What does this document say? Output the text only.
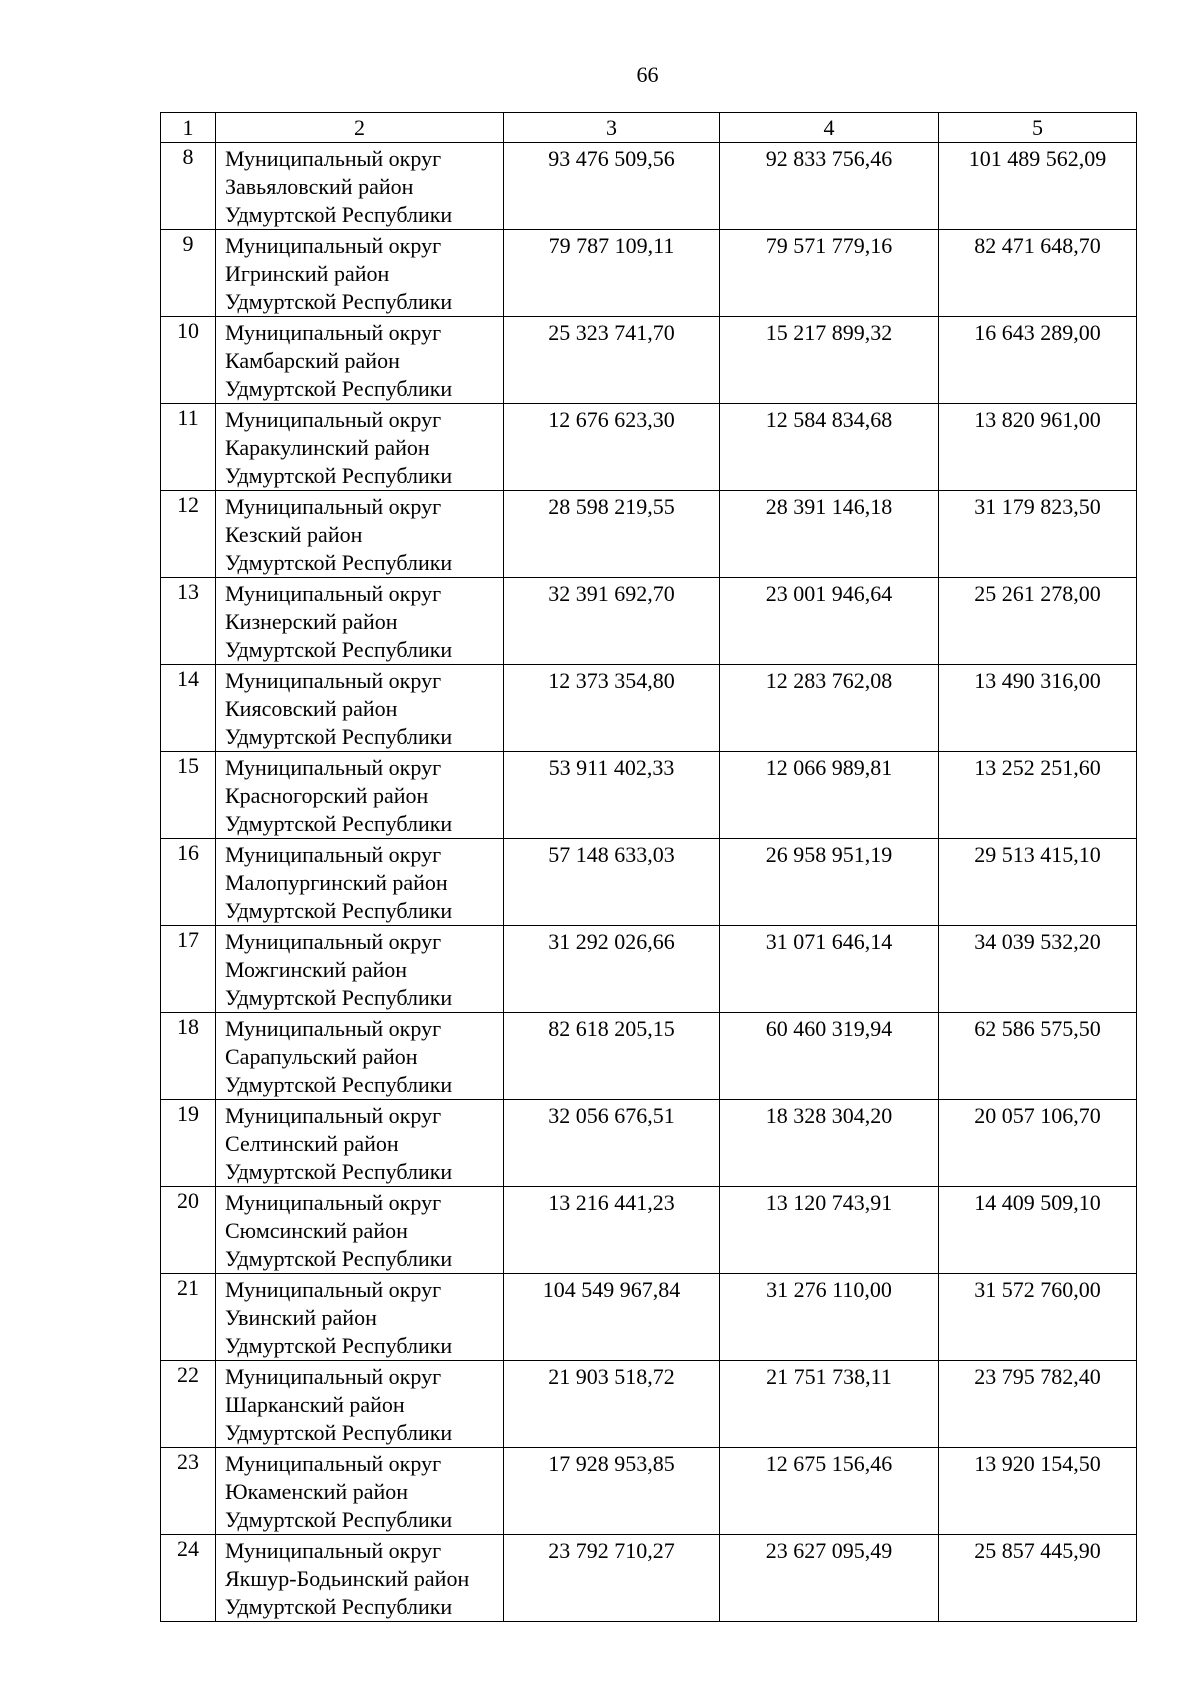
66
1	2	3	4	5
8	Муниципальный округ
Завьяловский район
Удмуртской Республики	93 476 509,56	92 833 756,46	101 489 562,09
9	Муниципальный округ
Игринский район
Удмуртской Республики	79 787 109,11	79 571 779,16	82 471 648,70
10	Муниципальный округ
Камбарский район
Удмуртской Республики	25 323 741,70	15 217 899,32	16 643 289,00
11	Муниципальный округ
Каракулинский район
Удмуртской Республики	12 676 623,30	12 584 834,68	13 820 961,00
12	Муниципальный округ
Кезский район
Удмуртской Республики	28 598 219,55	28 391 146,18	31 179 823,50
13	Муниципальный округ
Кизнерский район
Удмуртской Республики	32 391 692,70	23 001 946,64	25 261 278,00
14	Муниципальный округ
Киясовский район
Удмуртской Республики	12 373 354,80	12 283 762,08	13 490 316,00
15	Муниципальный округ
Красногорский район
Удмуртской Республики	53 911 402,33	12 066 989,81	13 252 251,60
16	Муниципальный округ
Малопургинский район
Удмуртской Республики	57 148 633,03	26 958 951,19	29 513 415,10
17	Муниципальный округ
Можгинский район
Удмуртской Республики	31 292 026,66	31 071 646,14	34 039 532,20
18	Муниципальный округ
Сарапульский район
Удмуртской Республики	82 618 205,15	60 460 319,94	62 586 575,50
19	Муниципальный округ
Селтинский район
Удмуртской Республики	32 056 676,51	18 328 304,20	20 057 106,70
20	Муниципальный округ
Сюмсинский район
Удмуртской Республики	13 216 441,23	13 120 743,91	14 409 509,10
21	Муниципальный округ
Увинский район
Удмуртской Республики	104 549 967,84	31 276 110,00	31 572 760,00
22	Муниципальный округ
Шарканский район
Удмуртской Республики	21 903 518,72	21 751 738,11	23 795 782,40
23	Муниципальный округ
Юкаменский район
Удмуртской Республики	17 928 953,85	12 675 156,46	13 920 154,50
24	Муниципальный округ
Якшур-Бодьинский район
Удмуртской Республики	23 792 710,27	23 627 095,49	25 857 445,90
